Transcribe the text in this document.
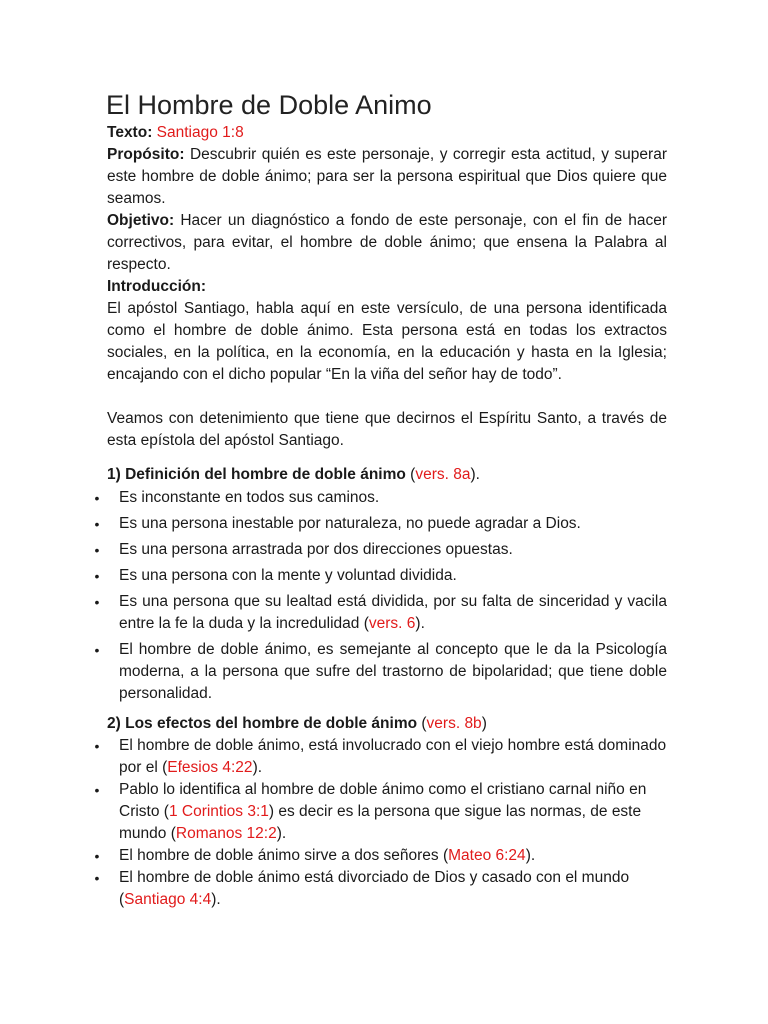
El Hombre de Doble Animo

Texto: Santiago 1:8

Propósito: Descubrir quién es este personaje, y corregir esta actitud, y superar este hombre de doble ánimo; para ser la persona espiritual que Dios quiere que seamos.

Objetivo: Hacer un diagnóstico a fondo de este personaje, con el fin de hacer correctivos, para evitar, el hombre de doble ánimo; que ensena la Palabra al respecto.

Introducción:

El apóstol Santiago, habla aquí en este versículo, de una persona identificada como el hombre de doble ánimo. Esta persona está en todas los extractos sociales, en la política, en la economía, en la educación y hasta en la Iglesia; encajando con el dicho popular “En la viña del señor hay de todo”.

Veamos con detenimiento que tiene que decirnos el Espíritu Santo, a través de esta epístola del apóstol Santiago.

1) Definición del hombre de doble ánimo (vers. 8a).

• Es inconstante en todos sus caminos.
• Es una persona inestable por naturaleza, no puede agradar a Dios.
• Es una persona arrastrada por dos direcciones opuestas.
• Es una persona con la mente y voluntad dividida.
• Es una persona que su lealtad está dividida, por su falta de sinceridad y vacila entre la fe la duda y la incredulidad (vers. 6).
• El hombre de doble ánimo, es semejante al concepto que le da la Psicología moderna, a la persona que sufre del trastorno de bipolaridad; que tiene doble personalidad.

2) Los efectos del hombre de doble ánimo (vers. 8b)

• El hombre de doble ánimo, está involucrado con el viejo hombre está dominado por el (Efesios 4:22).
• Pablo lo identifica al hombre de doble ánimo como el cristiano carnal niño en Cristo (1 Corintios 3:1) es decir es la persona que sigue las normas, de este mundo (Romanos 12:2).
• El hombre de doble ánimo sirve a dos señores (Mateo 6:24).
• El hombre de doble ánimo está divorciado de Dios y casado con el mundo (Santiago 4:4).
